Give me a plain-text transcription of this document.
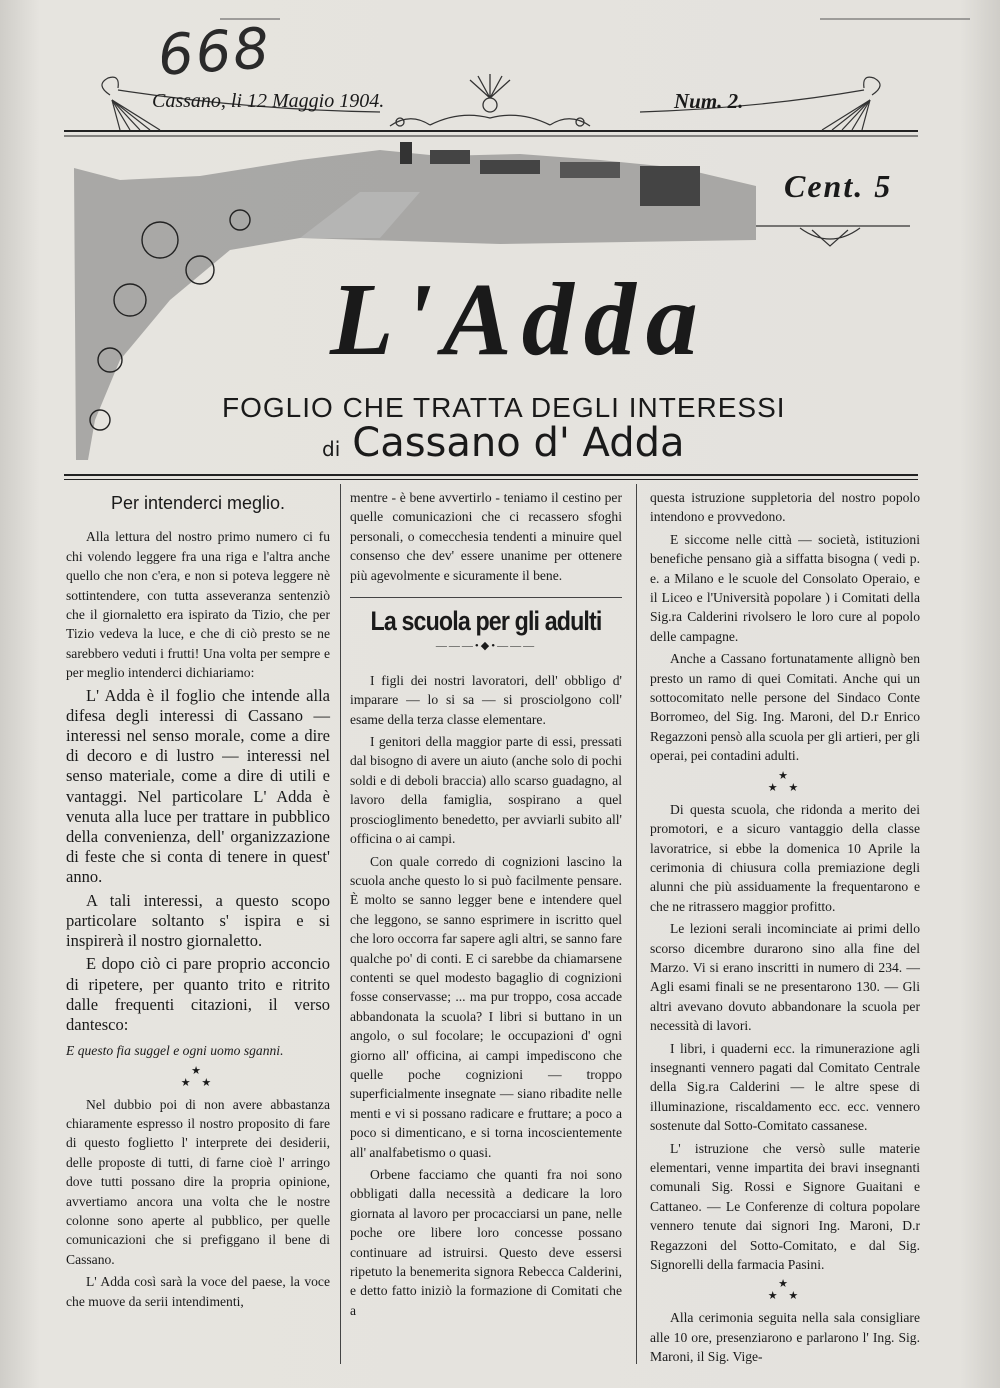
668
Cassano, li 12 Maggio 1904.	Num. 2.
Cent. 5
L'Adda
FOGLIO CHE TRATTA DEGLI INTERESSI
di Cassano d' Adda
Per intenderci meglio.

Alla lettura del nostro primo numero ci fu chi volendo leggere fra una riga e l'altra anche quello che non c'era, e non si poteva leggere nè sottintendere, con tutta asseveranza sentenziò che il giornaletto era ispirato da Tizio, che per Tizio vedeva la luce, e che di ciò presto se ne sarebbero veduti i frutti! Una volta per sempre e per meglio intenderci dichiariamo:

L' Adda è il foglio che intende alla difesa degli interessi di Cassano — interessi nel senso morale, come a dire di decoro e di lustro — interessi nel senso materiale, come a dire di utili e vantaggi. Nel particolare L' Adda è venuta alla luce per trattare in pubblico della convenienza, dell' organizzazione di feste che si conta di tenere in quest' anno.

A tali interessi, a questo scopo particolare soltanto s' ispira e si inspirerà il nostro giornaletto.

E dopo ciò ci pare proprio acconcio di ripetere, per quanto trito e ritrito dalle frequenti citazioni, il verso dantesco:

E questo fia suggel e ogni uomo sganni.

★
★ ★

Nel dubbio poi di non avere abbastanza chiaramente espresso il nostro proposito di fare di questo foglietto l' interprete dei desiderii, delle proposte di tutti, di farne cioè l' arringo dove tutti possano dire la propria opinione, avvertiamo ancora una volta che le nostre colonne sono aperte al pubblico, per quelle comunicazioni che si prefiggano il bene di Cassano.

L' Adda così sarà la voce del paese, la voce che muove da serii intendimenti,

mentre - è bene avvertirlo - teniamo il cestino per quelle comunicazioni che ci recassero sfoghi personali, o comecchesia tendenti a minuire quel consenso che dev' essere unanime per ottenere più agevolmente e sicuramente il bene.

La scuola per gli adulti
———•◆•———

I figli dei nostri lavoratori, dell' obbligo d' imparare — lo si sa — si prosciolgono coll' esame della terza classe elementare.

I genitori della maggior parte di essi, pressati dal bisogno di avere un aiuto (anche solo di pochi soldi e di deboli braccia) allo scarso guadagno, al lavoro della famiglia, sospirano a quel proscioglimento benedetto, per avviarli subito all' officina o ai campi.

Con quale corredo di cognizioni lascino la scuola anche questo lo si può facilmente pensare. È molto se sanno legger bene e intendere quel che leggono, se sanno esprimere in iscritto quel che loro occorra far sapere agli altri, se sanno fare qualche po' di conti. E ci sarebbe da chiamarsene contenti se quel modesto bagaglio di cognizioni fosse conservasse; ... ma pur troppo, cosa accade abbandonata la scuola? I libri si buttano in un angolo, o sul focolare; le occupazioni d' ogni giorno all' officina, ai campi impediscono che quelle poche cognizioni — troppo superficialmente insegnate — siano ribadite nelle menti e vi si possano radicare e fruttare; a poco a poco si dimenticano, e si torna incoscientemente all' analfabetismo o quasi.

Orbene facciamo che quanti fra noi sono obbligati dalla necessità a dedicare la loro giornata al lavoro per procacciarsi un pane, nelle poche ore libere loro concesse possano continuare ad istruirsi. Questo deve essersi ripetuto la benemerita signora Rebecca Calderini, e detto fatto iniziò la formazione di Comitati che a

questa istruzione suppletoria del nostro popolo intendono e provvedono.

E siccome nelle città — società, istituzioni benefiche pensano già a siffatta bisogna ( vedi p. e. a Milano e le scuole del Consolato Operaio, e il Liceo e l'Università popolare ) i Comitati della Sig.ra Calderini rivolsero le loro cure al popolo delle campagne.

Anche a Cassano fortunatamente allignò ben presto un ramo di quei Comitati. Anche qui un sottocomitato nelle persone del Sindaco Conte Borromeo, del Sig. Ing. Maroni, del D.r Enrico Regazzoni pensò alla scuola per gli artieri, per gli operai, pei contadini adulti.

★
★ ★

Di questa scuola, che ridonda a merito dei promotori, e a sicuro vantaggio della classe lavoratrice, si ebbe la domenica 10 Aprile la cerimonia di chiusura colla premiazione degli alunni che più assiduamente la frequentarono e che ne ritrassero maggior profitto.

Le lezioni serali incominciate ai primi dello scorso dicembre durarono sino alla fine del Marzo. Vi si erano inscritti in numero di 234. — Agli esami finali se ne presentarono 130. — Gli altri avevano dovuto abbandonare la scuola per necessità di lavori.

I libri, i quaderni ecc. la rimunerazione agli insegnanti vennero pagati dal Comitato Centrale della Sig.ra Calderini — le altre spese di illuminazione, riscaldamento ecc. ecc. vennero sostenute dal Sotto-Comitato cassanese.

L' istruzione che versò sulle materie elementari, venne impartita dei bravi insegnanti comunali Sig. Rossi e Signore Guaitani e Cattaneo. — Le Conferenze di coltura popolare vennero tenute dai signori Ing. Maroni, D.r Regazzoni del Sotto-Comitato, e dal Sig. Signorelli della farmacia Pasini.

★
★ ★

Alla cerimonia seguita nella sala consigliare alle 10 ore, presenziarono e parlarono l' Ing. Sig. Maroni, il Sig. Vige-
